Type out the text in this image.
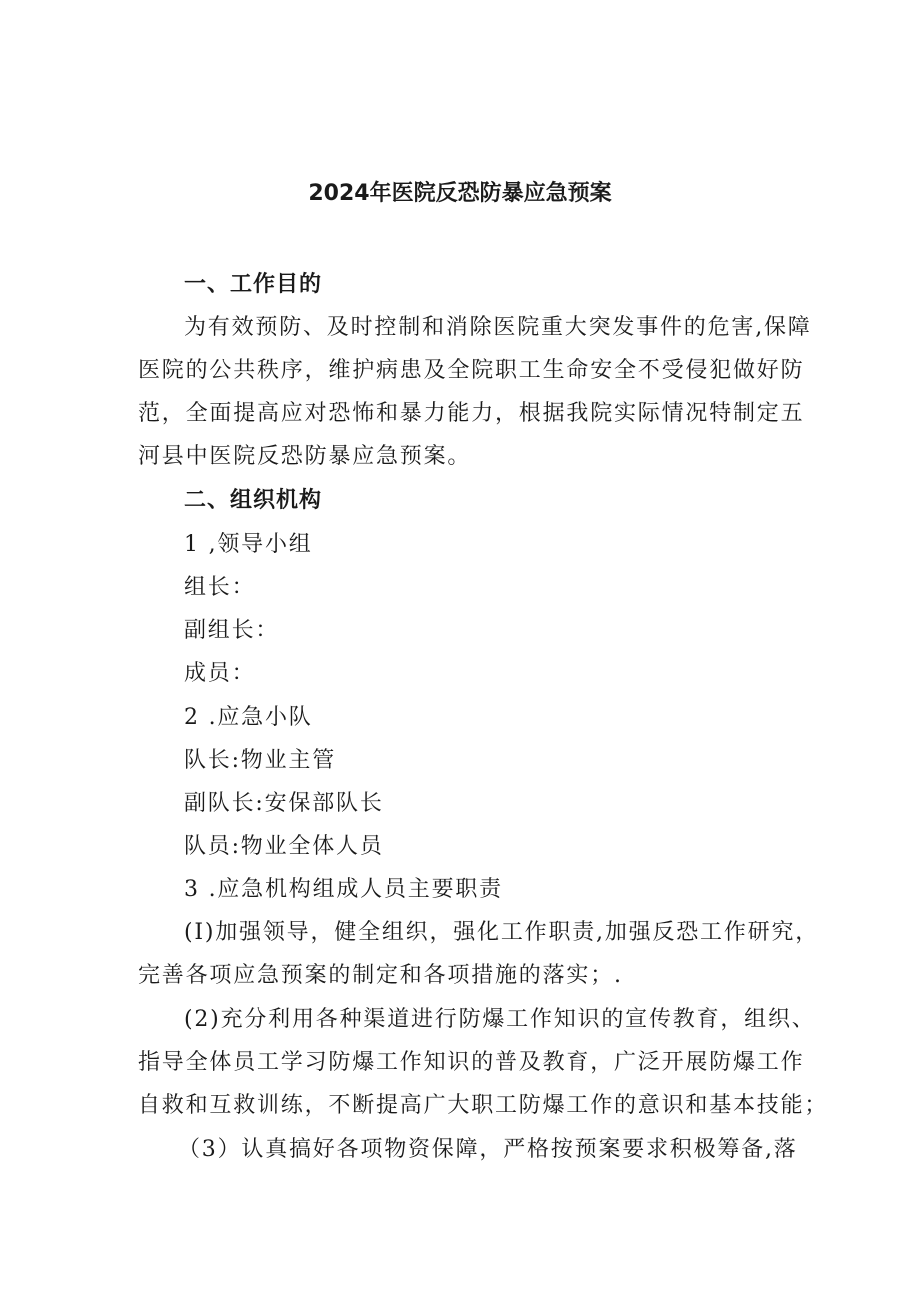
2024年医院反恐防暴应急预案
一、工作目的
为有效预防、及时控制和消除医院重大突发事件的危害,保障
医院的公共秩序，维护病患及全院职工生命安全不受侵犯做好防
范，全面提高应对恐怖和暴力能力，根据我院实际情况特制定五
河县中医院反恐防暴应急预案。
二、组织机构
1 ,领导小组
组长：
副组长：
成员：
2 .应急小队
队长:物业主管
副队长:安保部队长
队员:物业全体人员
3 .应急机构组成人员主要职责
(I)加强领导，健全组织，强化工作职责,加强反恐工作研究，
完善各项应急预案的制定和各项措施的落实；.
(2)充分利用各种渠道进行防爆工作知识的宣传教育，组织、
指导全体员工学习防爆工作知识的普及教育，广泛开展防爆工作
自救和互救训练，不断提高广大职工防爆工作的意识和基本技能；
（3）认真搞好各项物资保障，严格按预案要求积极筹备,落
